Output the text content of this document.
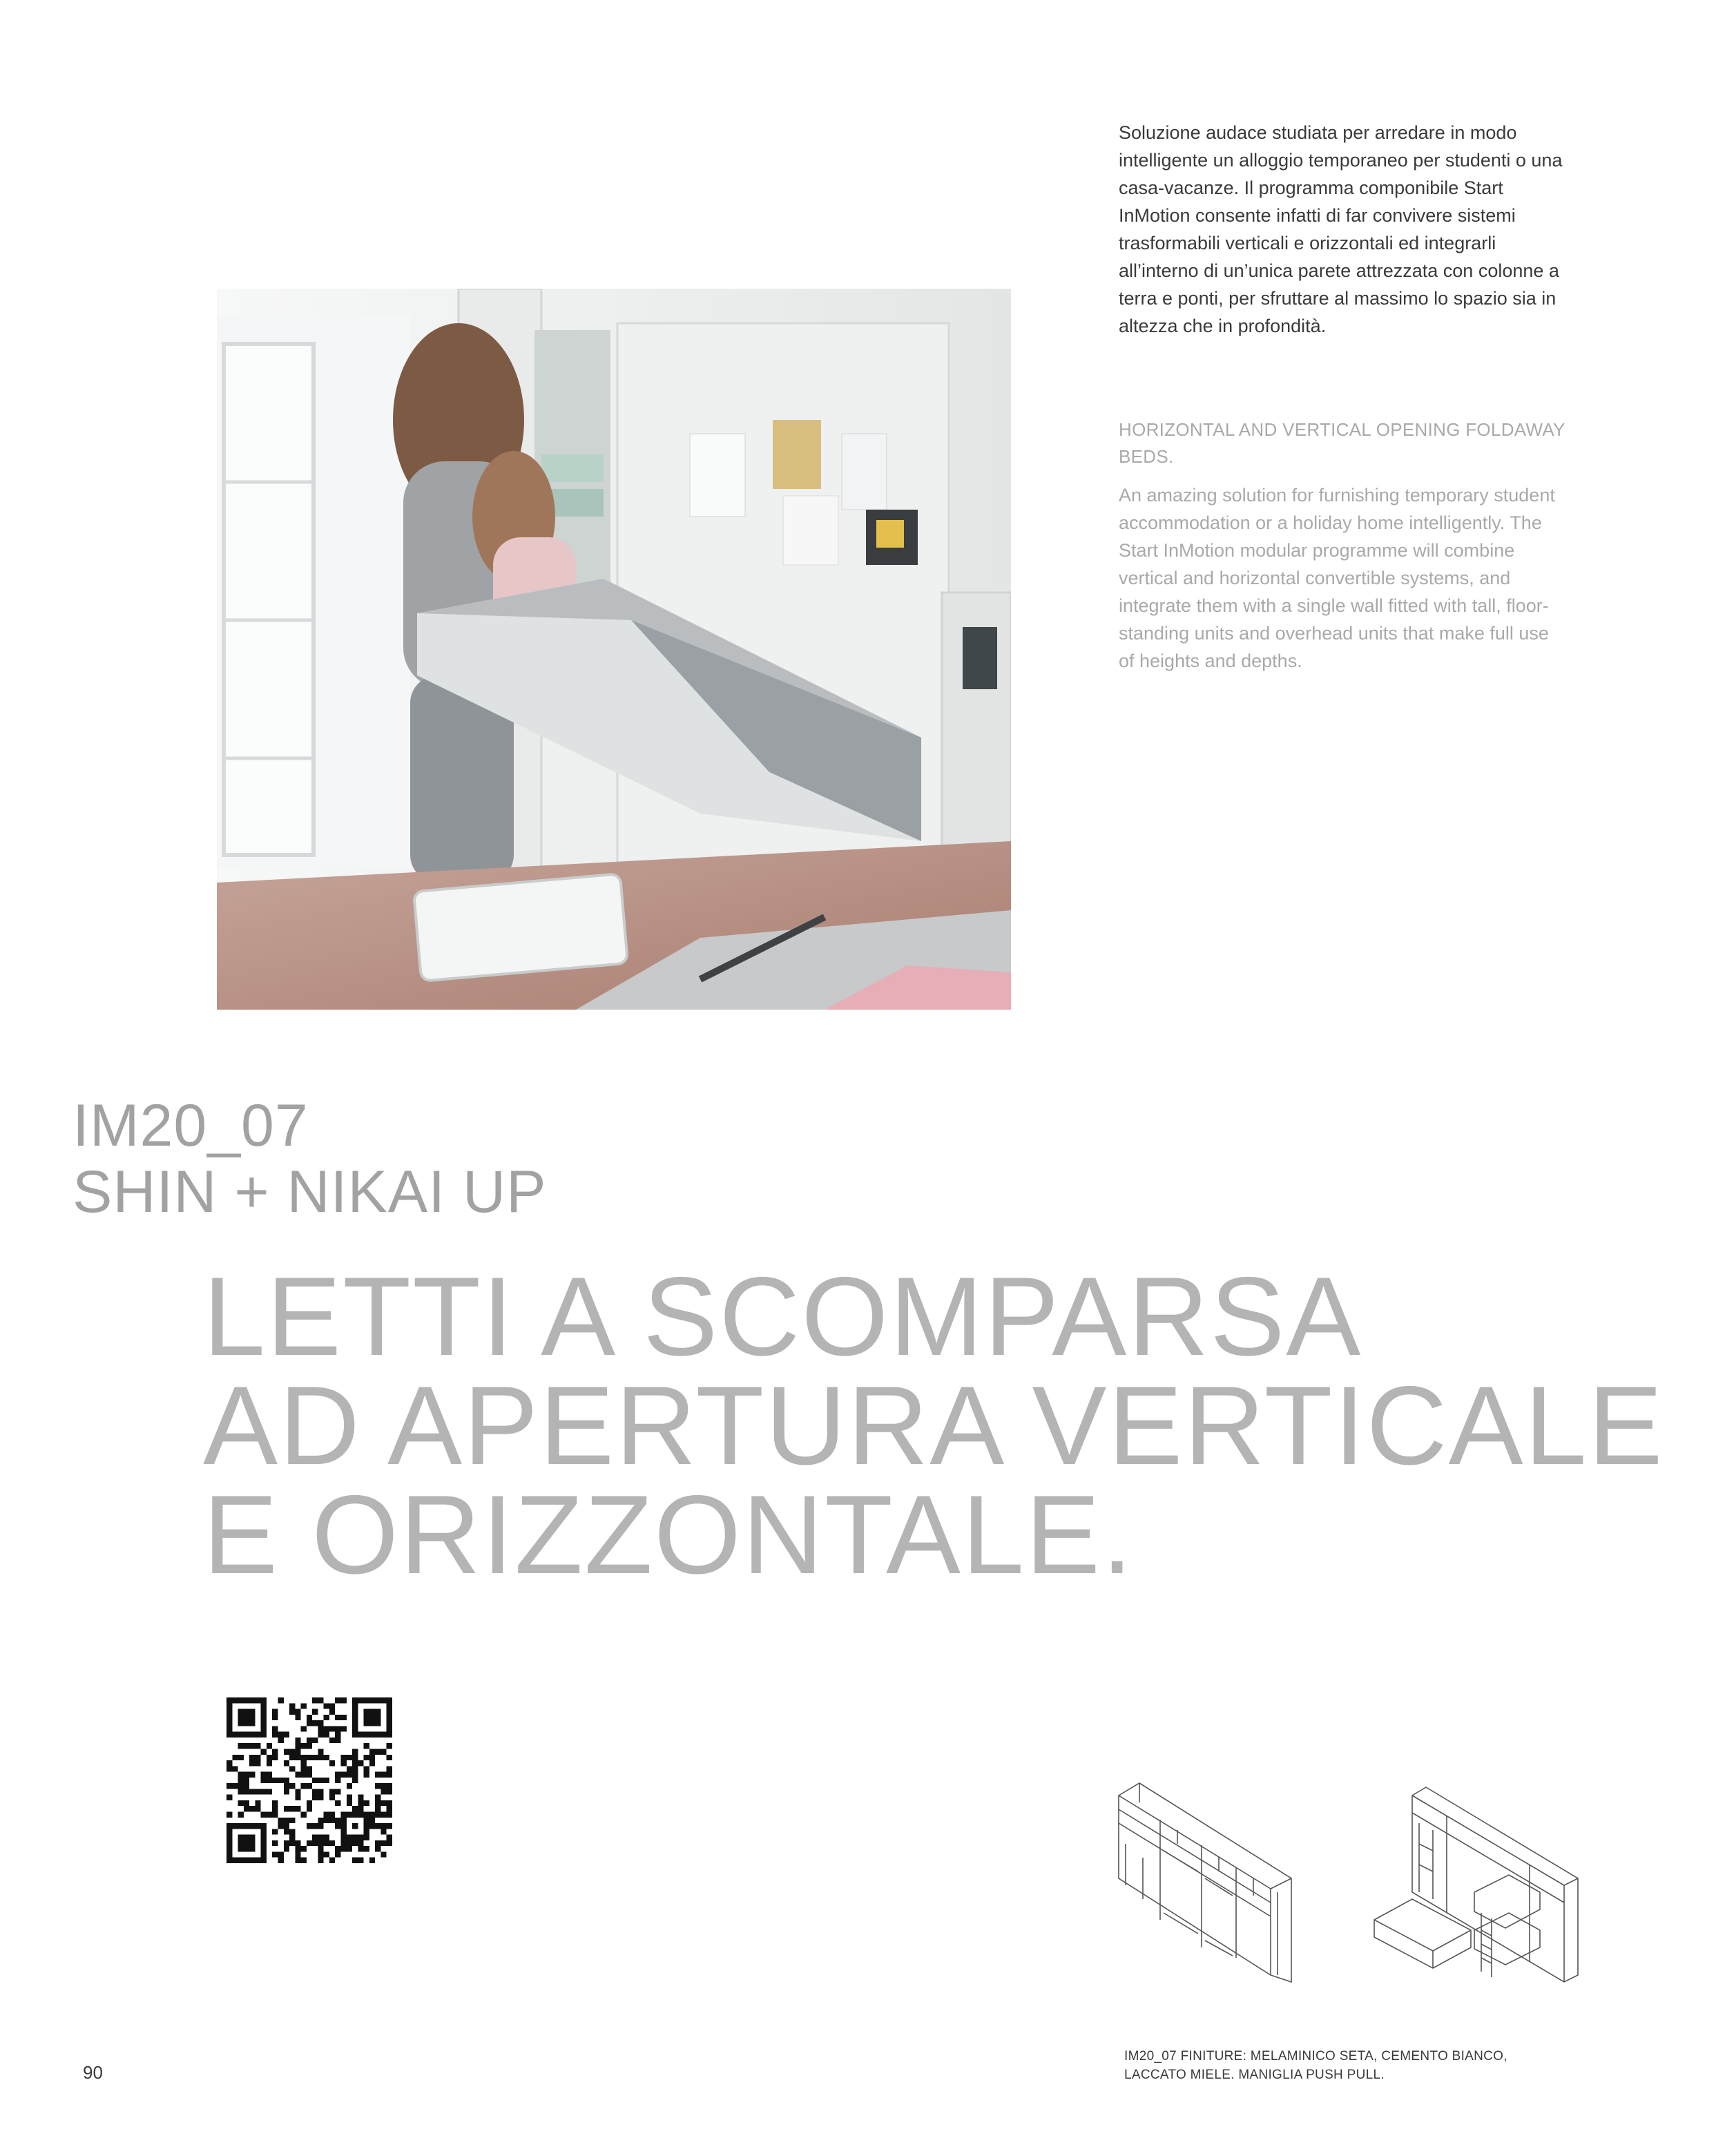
Soluzione audace studiata per arredare in modo intelligente un alloggio temporaneo per studenti o una casa-vacanze. Il programma componibile Start InMotion consente infatti di far convivere sistemi trasformabili verticali e orizzontali ed integrarli all’interno di un’unica parete attrezzata con colonne a terra e ponti, per sfruttare al massimo lo spazio sia in altezza che in profondità.

HORIZONTAL AND VERTICAL OPENING FOLDAWAY BEDS.

An amazing solution for furnishing temporary student accommodation or a holiday home intelligently. The Start InMotion modular programme will combine vertical and horizontal convertible systems, and integrate them with a single wall fitted with tall, floor-standing units and overhead units that make full use of heights and depths.

IM20_07
SHIN + NIKAI UP
LETTI A SCOMPARSA
AD APERTURA VERTICALE
E ORIZZONTALE.
IM20_07 FINITURE: MELAMINICO SETA, CEMENTO BIANCO,
LACCATO MIELE. MANIGLIA PUSH PULL.
90
